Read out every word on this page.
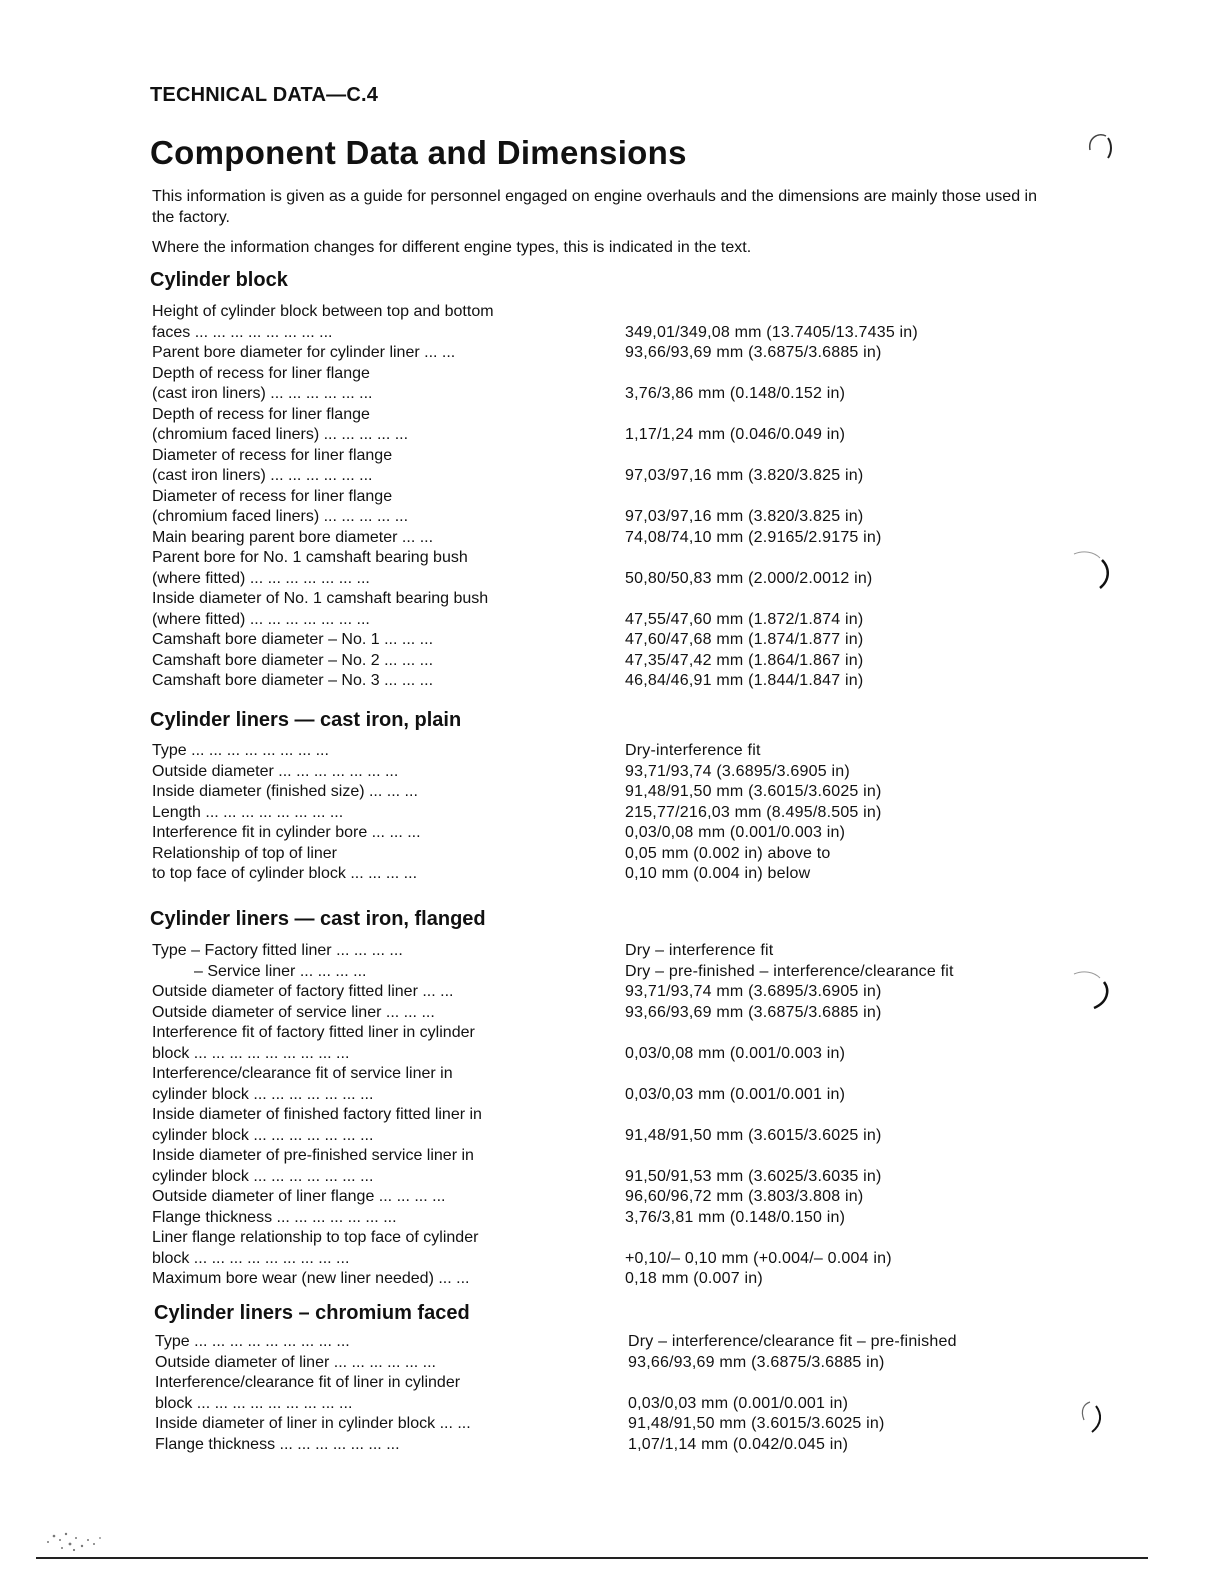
TECHNICAL DATA—C.4
Component Data and Dimensions

This information is given as a guide for personnel engaged on engine overhauls and the dimensions are mainly those used in the factory.

Where the information changes for different engine types, this is indicated in the text.

Cylinder block
Height of cylinder block between top and bottom
faces ... ... ... ... ... ... ... ...	349,01/349,08 mm (13.7405/13.7435 in)
Parent bore diameter for cylinder liner ... ...	93,66/93,69 mm (3.6875/3.6885 in)
Depth of recess for liner flange
(cast iron liners) ... ... ... ... ... ...	3,76/3,86 mm (0.148/0.152 in)
Depth of recess for liner flange
(chromium faced liners) ... ... ... ... ...	1,17/1,24 mm (0.046/0.049 in)
Diameter of recess for liner flange
(cast iron liners) ... ... ... ... ... ...	97,03/97,16 mm (3.820/3.825 in)
Diameter of recess for liner flange
(chromium faced liners) ... ... ... ... ...	97,03/97,16 mm (3.820/3.825 in)
Main bearing parent bore diameter ... ...	74,08/74,10 mm (2.9165/2.9175 in)
Parent bore for No. 1 camshaft bearing bush
(where fitted) ... ... ... ... ... ... ...	50,80/50,83 mm (2.000/2.0012 in)
Inside diameter of No. 1 camshaft bearing bush
(where fitted) ... ... ... ... ... ... ...	47,55/47,60 mm (1.872/1.874 in)
Camshaft bore diameter – No. 1 ... ... ...	47,60/47,68 mm (1.874/1.877 in)
Camshaft bore diameter – No. 2 ... ... ...	47,35/47,42 mm (1.864/1.867 in)
Camshaft bore diameter – No. 3 ... ... ...	46,84/46,91 mm (1.844/1.847 in)
Cylinder liners — cast iron, plain
Type ... ... ... ... ... ... ... ...	Dry-interference fit
Outside diameter ... ... ... ... ... ... ...	93,71/93,74 (3.6895/3.6905 in)
Inside diameter (finished size) ... ... ...	91,48/91,50 mm (3.6015/3.6025 in)
Length ... ... ... ... ... ... ... ...	215,77/216,03 mm (8.495/8.505 in)
Interference fit in cylinder bore ... ... ...	0,03/0,08 mm (0.001/0.003 in)
Relationship of top of liner
to top face of cylinder block ... ... ... ...
0,05 mm (0.002 in) above to
0,10 mm (0.004 in) below
Cylinder liners — cast iron, flanged
Type – Factory fitted liner ... ... ... ...	Dry – interference fit
– Service liner ... ... ... ...	Dry – pre-finished – interference/clearance fit
Outside diameter of factory fitted liner ... ...	93,71/93,74 mm (3.6895/3.6905 in)
Outside diameter of service liner ... ... ...	93,66/93,69 mm (3.6875/3.6885 in)
Interference fit of factory fitted liner in cylinder
block ... ... ... ... ... ... ... ... ...	0,03/0,08 mm (0.001/0.003 in)
Interference/clearance fit of service liner in
cylinder block ... ... ... ... ... ... ...	0,03/0,03 mm (0.001/0.001 in)
Inside diameter of finished factory fitted liner in
cylinder block ... ... ... ... ... ... ...	91,48/91,50 mm (3.6015/3.6025 in)
Inside diameter of pre-finished service liner in
cylinder block ... ... ... ... ... ... ...	91,50/91,53 mm (3.6025/3.6035 in)
Outside diameter of liner flange ... ... ... ...	96,60/96,72 mm (3.803/3.808 in)
Flange thickness ... ... ... ... ... ... ...	3,76/3,81 mm (0.148/0.150 in)
Liner flange relationship to top face of cylinder
block ... ... ... ... ... ... ... ... ...	+0,10/– 0,10 mm (+0.004/– 0.004 in)
Maximum bore wear (new liner needed) ... ...	0,18 mm (0.007 in)
Cylinder liners – chromium faced
Type ... ... ... ... ... ... ... ... ...	Dry – interference/clearance fit – pre-finished
Outside diameter of liner ... ... ... ... ... ...	93,66/93,69 mm (3.6875/3.6885 in)
Interference/clearance fit of liner in cylinder
block ... ... ... ... ... ... ... ... ...	0,03/0,03 mm (0.001/0.001 in)
Inside diameter of liner in cylinder block ... ...	91,48/91,50 mm (3.6015/3.6025 in)
Flange thickness ... ... ... ... ... ... ...	1,07/1,14 mm (0.042/0.045 in)
